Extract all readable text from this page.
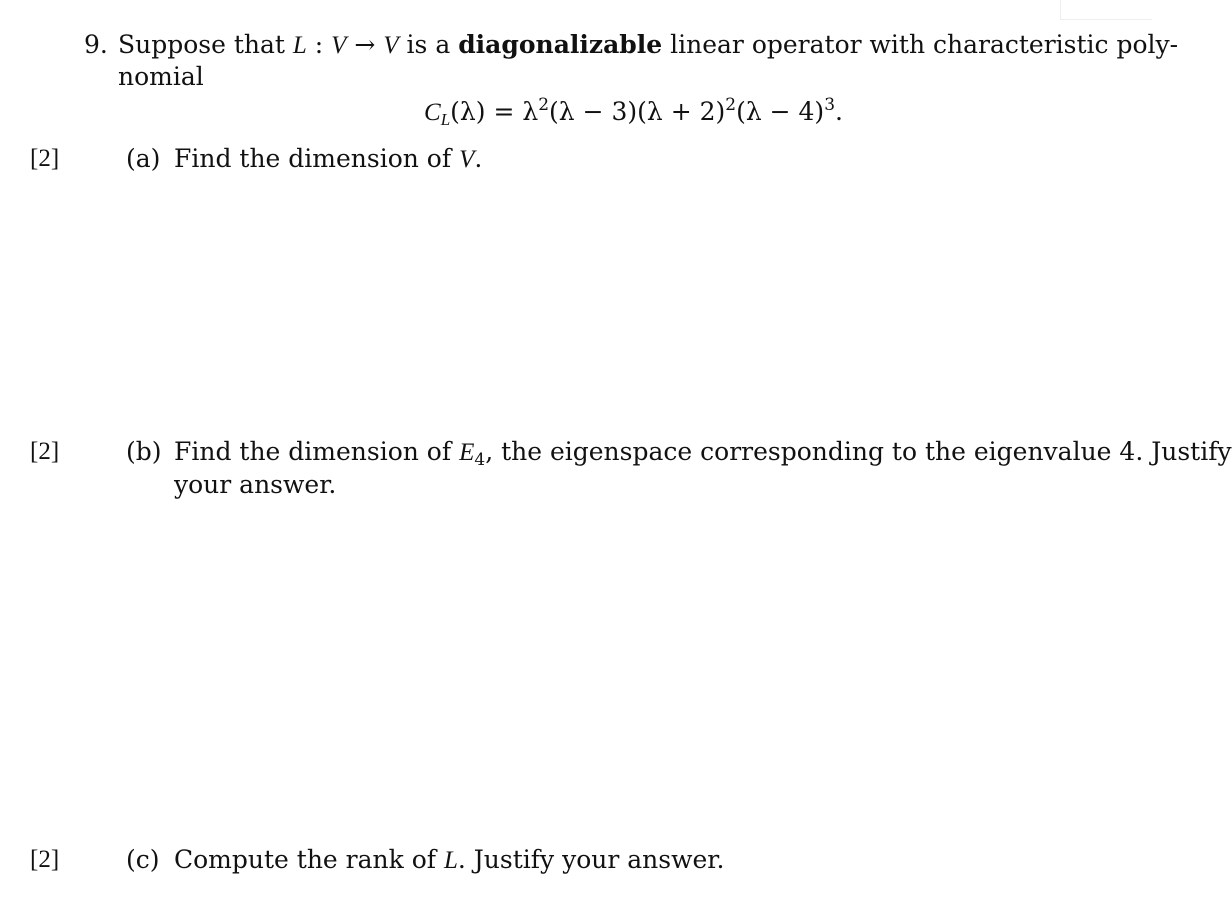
9. Suppose that L : V → V is a diagonalizable linear operator with characteristic poly-
nomial
$C_L(\lambda) = \lambda^2(\lambda - 3)(\lambda + 2)^2(\lambda - 4)^3$.
[2]	(a) Find the dimension of V.
[2]	(b) Find the dimension of $E_4$, the eigenspace corresponding to the eigenvalue 4. Justify
your answer.
[2]	(c) Compute the rank of L. Justify your answer.
